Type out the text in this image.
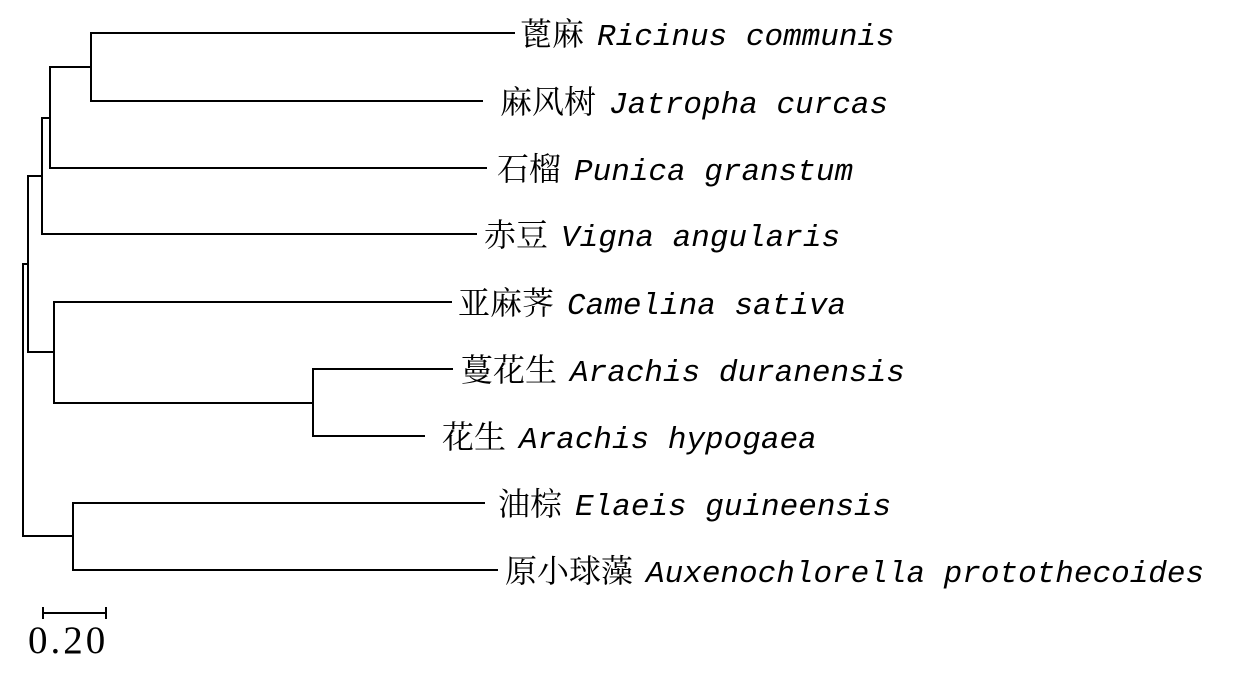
蓖麻 Ricinus communis
麻风树 Jatropha curcas
石榴 Punica granstum
赤豆 Vigna angularis
亚麻荠 Camelina sativa
蔓花生 Arachis duranensis
花生 Arachis hypogaea
油棕 Elaeis guineensis
原小球藻 Auxenochlorella protothecoides
0.20
